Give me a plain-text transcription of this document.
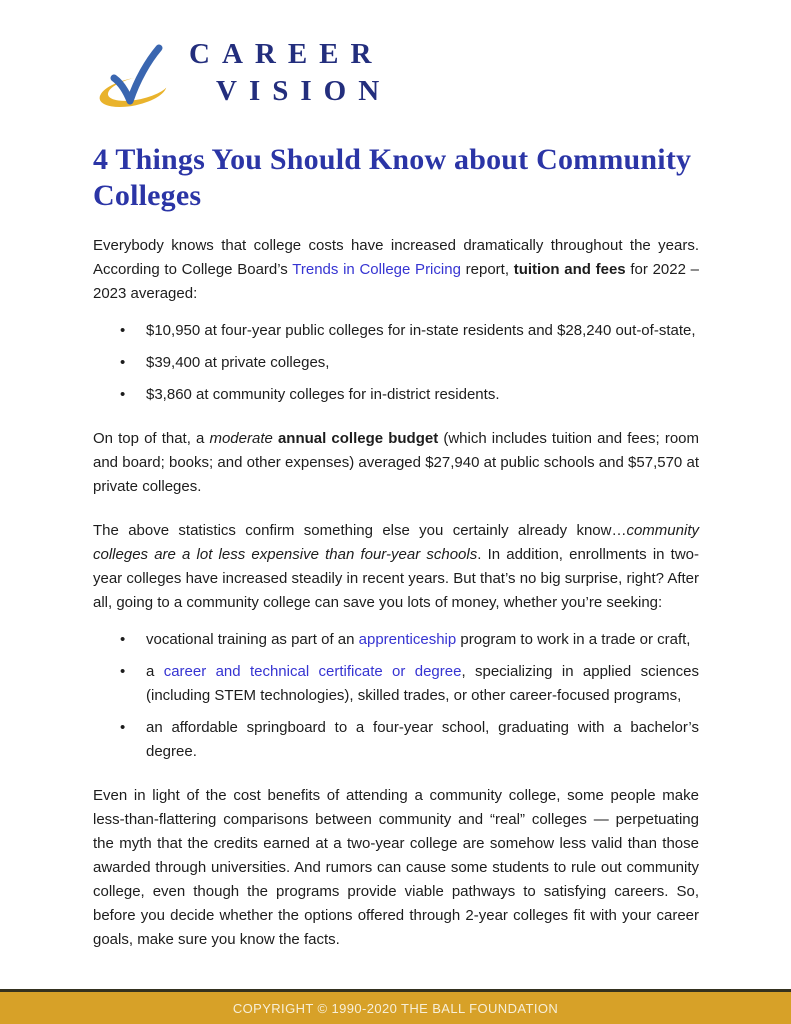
CAREER
VISION
4 Things You Should Know about Community Colleges

Everybody knows that college costs have increased dramatically throughout the years. According to College Board’s Trends in College Pricing report, tuition and fees for 2022 – 2023 averaged:

• $10,950 at four-year public colleges for in-state residents and $28,240 out-of-state,
• $39,400 at private colleges,
• $3,860 at community colleges for in-district residents.

On top of that, a moderate annual college budget (which includes tuition and fees; room and board; books; and other expenses) averaged $27,940 at public schools and $57,570 at private colleges.

The above statistics confirm something else you certainly already know…community colleges are a lot less expensive than four-year schools. In addition, enrollments in two-year colleges have increased steadily in recent years. But that’s no big surprise, right? After all, going to a community college can save you lots of money, whether you’re seeking:

• vocational training as part of an apprenticeship program to work in a trade or craft,
• a career and technical certificate or degree, specializing in applied sciences (including STEM technologies), skilled trades, or other career-focused programs,
• an affordable springboard to a four-year school, graduating with a bachelor’s degree.

Even in light of the cost benefits of attending a community college, some people make less-than-flattering comparisons between community and “real” colleges — perpetuating the myth that the credits earned at a two-year college are somehow less valid than those awarded through universities. And rumors can cause some students to rule out community college, even though the programs provide viable pathways to satisfying careers. So, before you decide whether the options offered through 2-year colleges fit with your career goals, make sure you know the facts.

COPYRIGHT © 1990-2020 THE BALL FOUNDATION
